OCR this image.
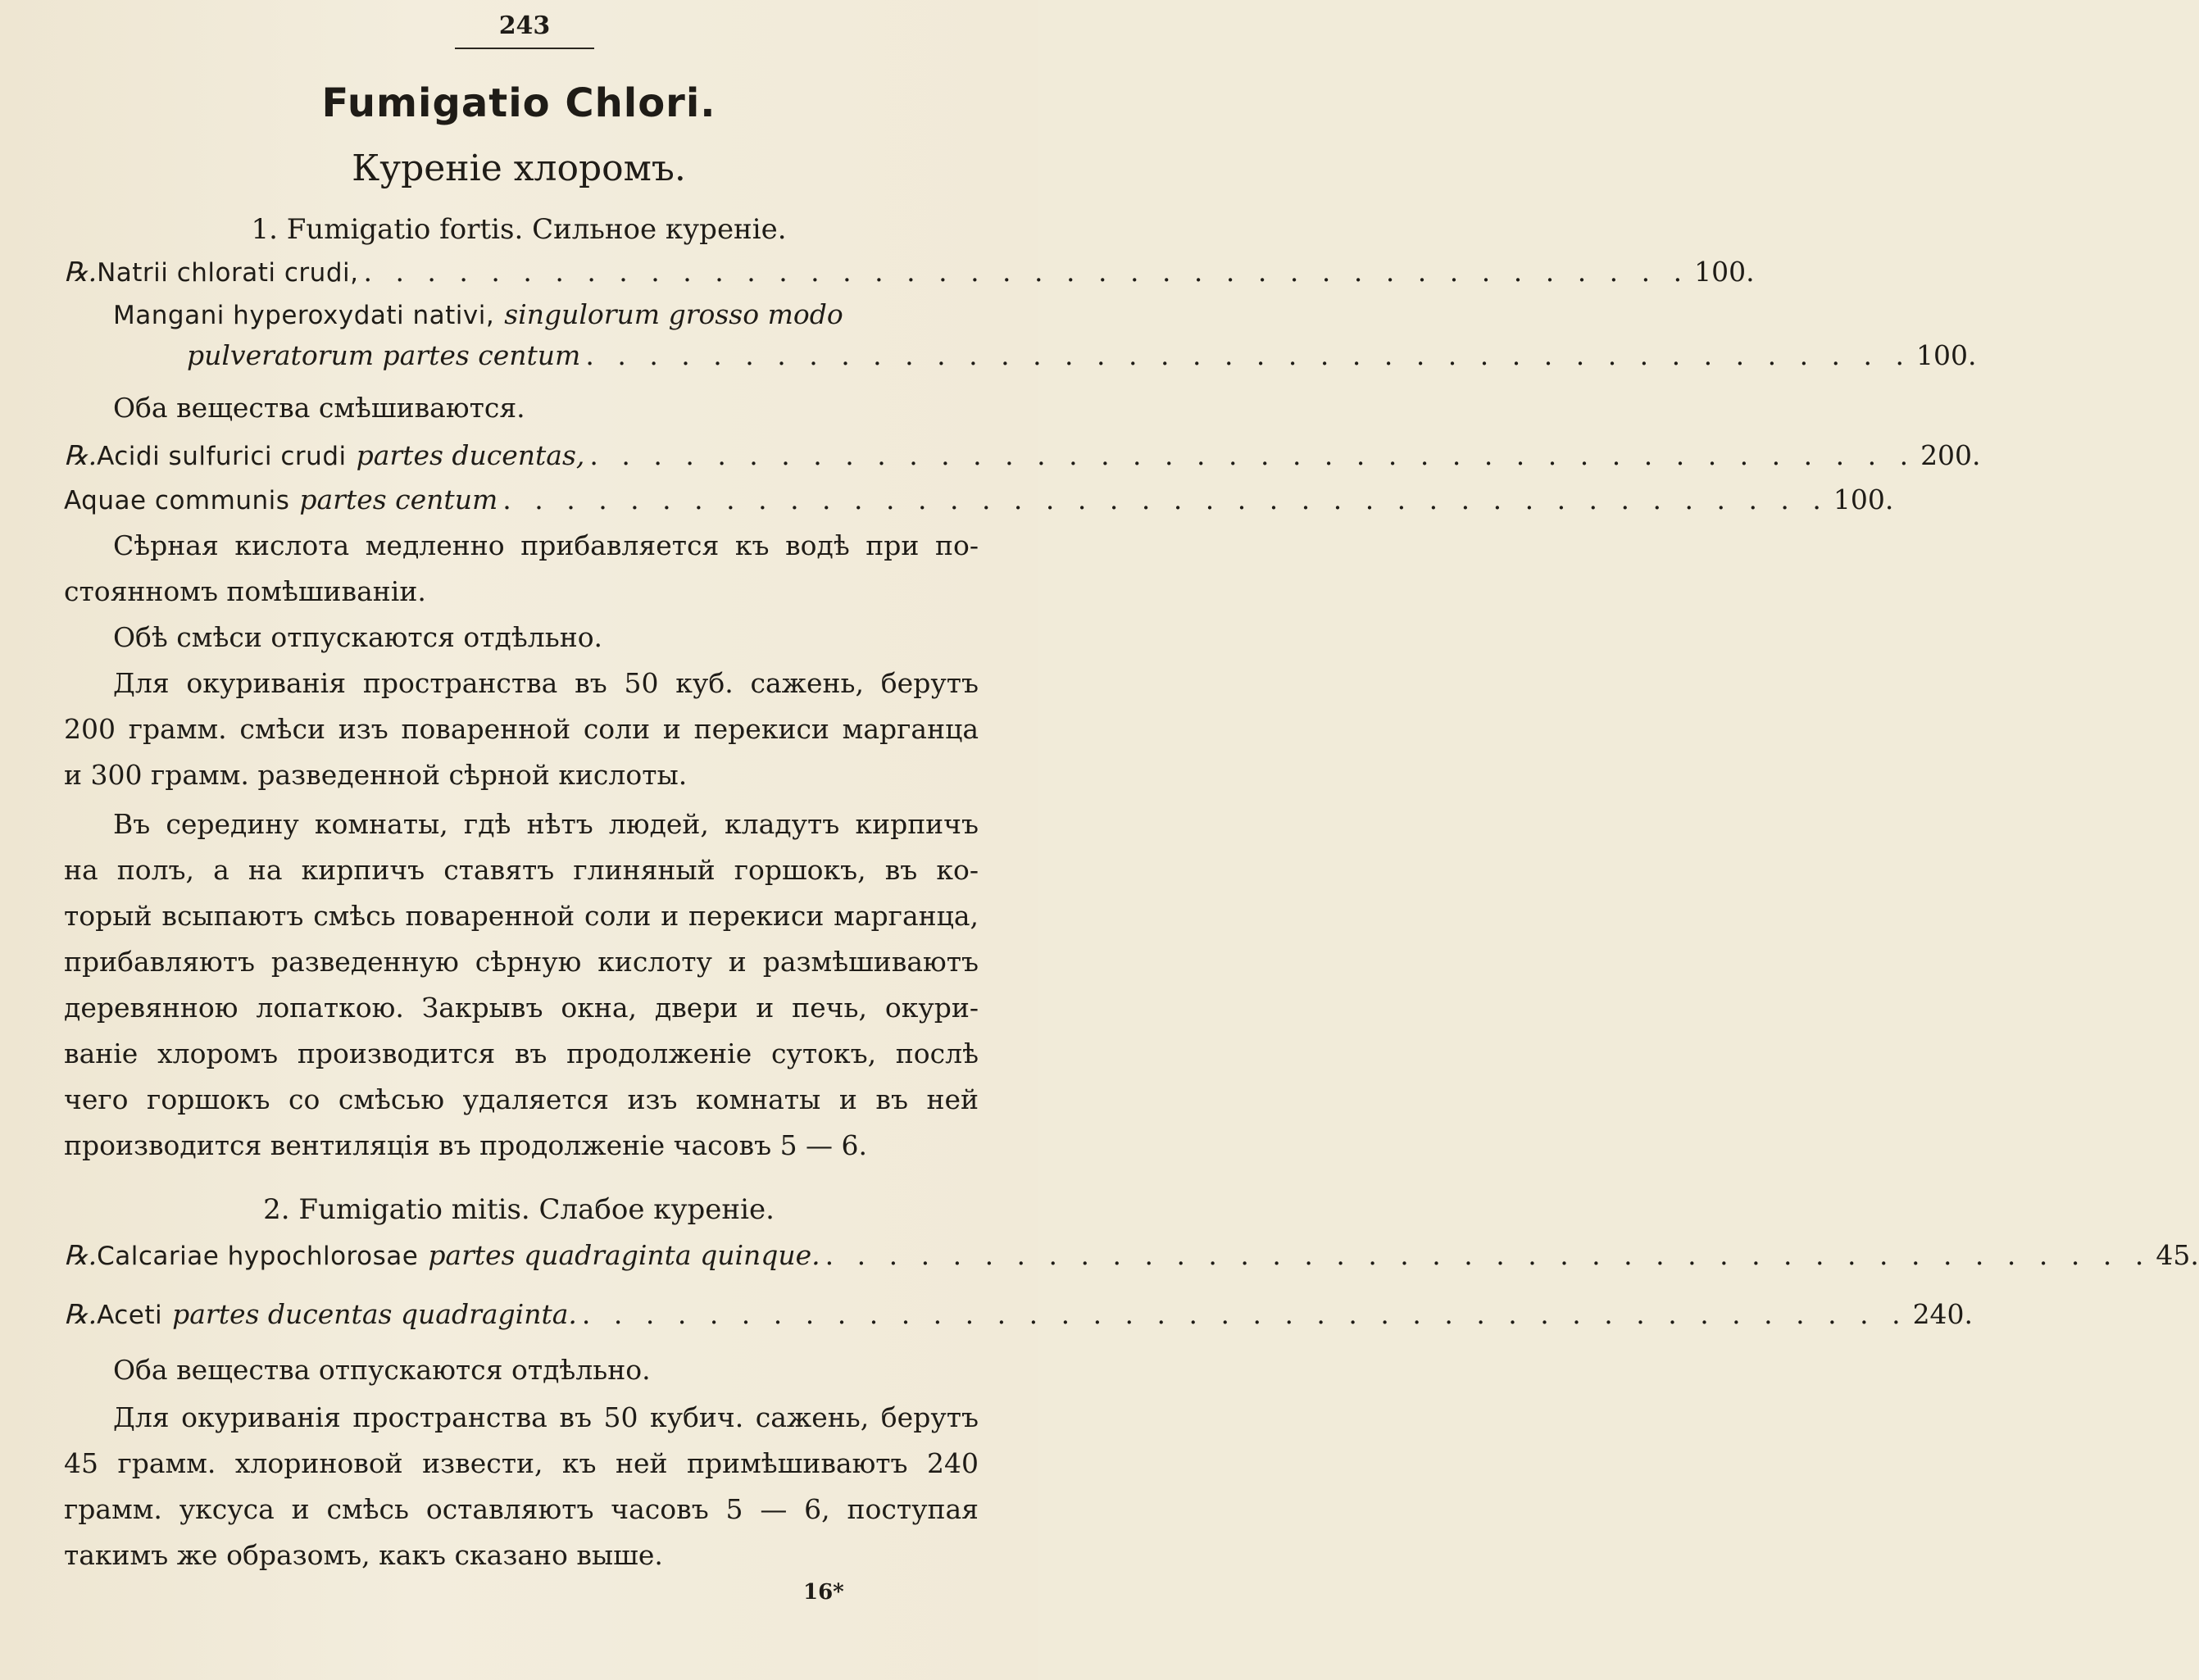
243
Fumigatio Chlori.
Куреніе хлоромъ.
1. Fumigatio fortis. Сильное куреніе.
℞. Natrii chlorati crudi, . . . . . . . . . . . . . . . . . . . . . . . . . . . . . . . . . . . . . . . . . . 100.
Mangani hyperoxydati nativi, singulorum grosso modo
pulveratorum partes centum . . . . . . . . . . . . . . . . . . . . . . . . . . . . . . . . . . . . . . . . . . 100.
Оба вещества смѣшиваются.
℞. Acidi sulfurici crudi partes ducentas, . . . . . . . . . . . . . . . . . . . . . . . . . . . . . . . . . . . . . . . . . . 200.
Aquae communis partes centum . . . . . . . . . . . . . . . . . . . . . . . . . . . . . . . . . . . . . . . . . . 100.
Сѣрная кислота медленно прибавляется къ водѣ при по-
стоянномъ помѣшиваніи.
Обѣ смѣси отпускаются отдѣльно.
Для окуриванія пространства въ 50 куб. сажень, берутъ
200 грамм. смѣси изъ поваренной соли и перекиси марганца
и 300 грамм. разведенной сѣрной кислоты.
Въ середину комнаты, гдѣ нѣтъ людей, кладутъ кирпичъ
на полъ, а на кирпичъ ставятъ глиняный горшокъ, въ ко-
торый всыпаютъ смѣсь поваренной соли и перекиси марганца,
прибавляютъ разведенную сѣрную кислоту и размѣшиваютъ
деревянною лопаткою. Закрывъ окна, двери и печь, окури-
ваніе хлоромъ производится въ продолженіе сутокъ, послѣ
чего горшокъ со смѣсью удаляется изъ комнаты и въ ней
производится вентиляція въ продолженіе часовъ 5 — 6.
2. Fumigatio mitis. Слабое куреніе.
℞. Calcariae hypochlorosae partes quadraginta quinque. . . . . . . . . . . . . . . . . . . . . . . . . . . . . . . . . . . . . . . . . . . 45.
℞. Aceti partes ducentas quadraginta. . . . . . . . . . . . . . . . . . . . . . . . . . . . . . . . . . . . . . . . . . . 240.
Оба вещества отпускаются отдѣльно.
Для окуриванія пространства въ 50 кубич. сажень, берутъ
45 грамм. хлориновой извести, къ ней примѣшиваютъ 240
грамм. уксуса и смѣсь оставляютъ часовъ 5 — 6, поступая
такимъ же образомъ, какъ сказано выше.
16*
